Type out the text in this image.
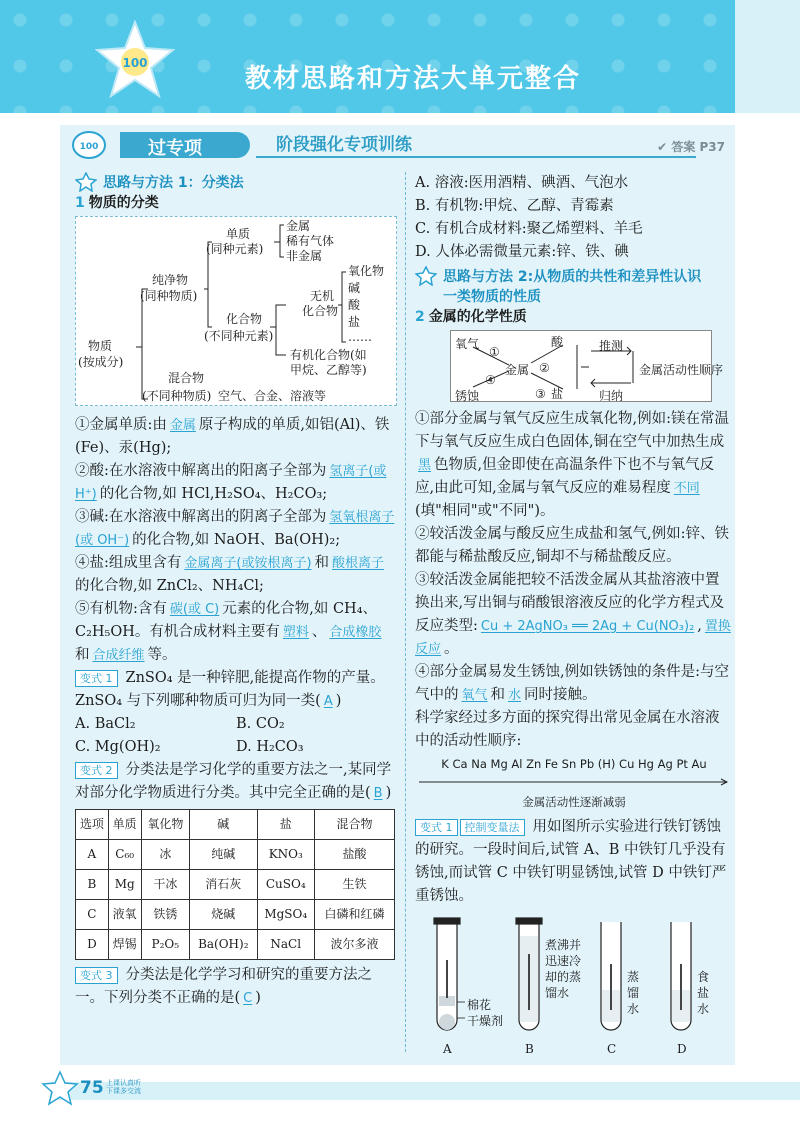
100
教材思路和方法大单元整合
过专项	阶段强化专项训练	✔ 答案 P37
100
思路与方法 1：分类法
1 物质的分类
物质
(按成分)
纯净物
(同种物质)
混合物
(不同种物质) 空气、合金、溶液等
单质
(同种元素)
金属
稀有气体
非金属
化合物
(不同种元素)
无机
化合物
氧化物
碱
酸
盐
……
有机化合物(如
甲烷、乙醇等)

①金属单质:由 金属 原子构成的单质,如铝(Al)、铁(Fe)、汞(Hg);

②酸:在水溶液中解离出的阳离子全部为 氢离子(或 H⁺) 的化合物,如 HCl,H₂SO₄、H₂CO₃;

③碱:在水溶液中解离出的阴离子全部为 氢氧根离子(或 OH⁻) 的化合物,如 NaOH、Ba(OH)₂;

④盐:组成里含有 金属离子(或铵根离子) 和 酸根离子的化合物,如 ZnCl₂、NH₄Cl;

⑤有机物:含有 碳(或 C) 元素的化合物,如 CH₄、C₂H₅OH。有机合成材料主要有 塑料 、 合成橡胶和 合成纤维 等。

变式 1 ZnSO₄ 是一种锌肥,能提高作物的产量。ZnSO₄ 与下列哪种物质可归为同一类( A )

A. BaCl₂	B. CO₂
C. Mg(OH)₂	D. H₂CO₃

变式 2 分类法是学习化学的重要方法之一,某同学对部分化学物质进行分类。其中完全正确的是( B )

选项	单质	氧化物	碱	盐	混合物
A	C₆₀	冰	纯碱	KNO₃	盐酸
B	Mg	干冰	消石灰	CuSO₄	生铁
C	液氧	铁锈	烧碱	MgSO₄	白磷和红磷
D	焊锡	P₂O₅	Ba(OH)₂	NaCl	波尔多液

变式 3 分类法是化学学习和研究的重要方法之一。下列分类不正确的是( C )

A. 溶液:医用酒精、碘酒、气泡水

B. 有机物:甲烷、乙醇、青霉素

C. 有机合成材料:聚乙烯塑料、羊毛

D. 人体必需微量元素:锌、铁、碘

思路与方法 2:从物质的共性和差异性认识
一类物质的性质
2 金属的化学性质
氧气	酸
金属
盐
锈蚀
①
②
③
④
推测
归纳
金属活动性顺序

①部分金属与氧气反应生成氧化物,例如:镁在常温下与氧气反应生成白色固体,铜在空气中加热生成黑 色物质,但金即使在高温条件下也不与氧气反应,由此可知,金属与氧气反应的难易程度 不同(填"相同"或"不同")。

②较活泼金属与酸反应生成盐和氢气,例如:锌、铁都能与稀盐酸反应,铜却不与稀盐酸反应。

③较活泼金属能把较不活泼金属从其盐溶液中置换出来,写出铜与硝酸银溶液反应的化学方程式及反应类型: Cu + 2AgNO₃ ══ 2Ag + Cu(NO₃)₂ , 置换反应 。

④部分金属易发生锈蚀,例如铁锈蚀的条件是:与空气中的 氧气 和 水 同时接触。

科学家经过多方面的探究得出常见金属在水溶液中的活动性顺序:

K Ca Na Mg Al Zn Fe Sn Pb (H) Cu Hg Ag Pt Au
金属活动性逐渐减弱

变式 1 控制变量法 用如图所示实验进行铁钉锈蚀的研究。一段时间后,试管 A、B 中铁钉几乎没有锈蚀,而试管 C 中铁钉明显锈蚀,试管 D 中铁钉严重锈蚀。

棉花
干燥剂
煮沸并
迅速冷
却的蒸
馏水
蒸
馏
水
食
盐
水
A	B	C	D
75 上课认真听
下课多交流
